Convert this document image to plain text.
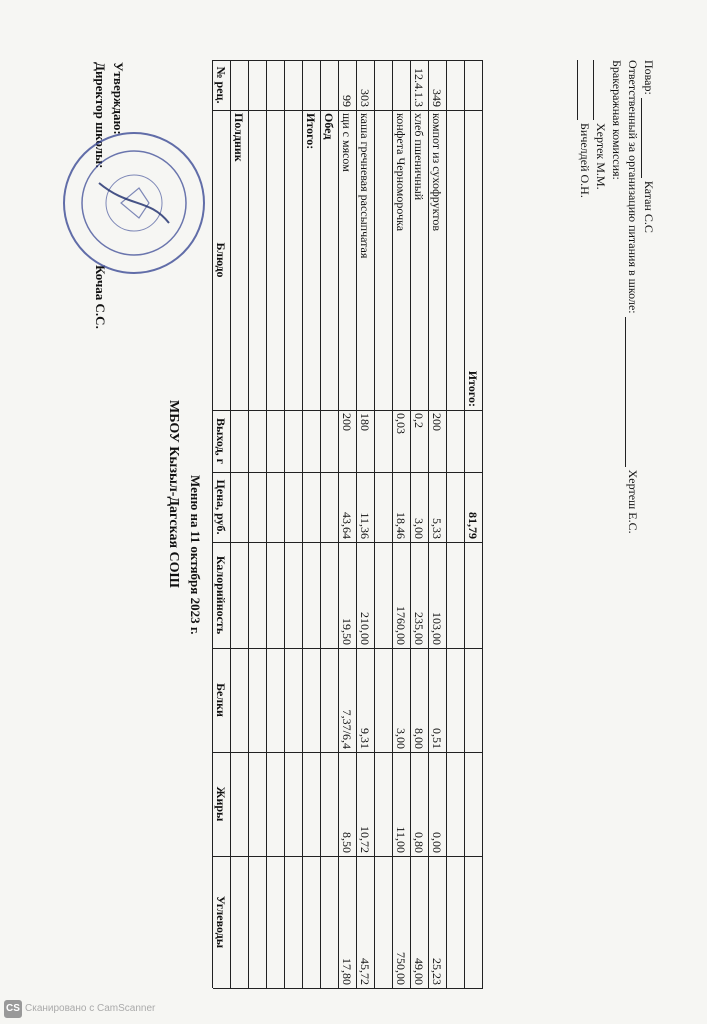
Утверждаю:
Директор школы:  Кочаа С.С.
МБОУ Кызыл-Дагская СОШ Меню на 11 октября 2023 г.
№ рец.
Блюдо
Выход, г
Цена, руб.
Калорийность
Белки
Жиры
Углеводы
Полдник	Итого: Обед
99
щи с мясом
200
43,64
19,50
7,37/6,4
8,50
17,80
303
каша гречневая рассыпчатая
180
11,36
210,00
9,31
10,72
45,72
конфета Черноморочка
0,03
18,46
1760,00
3,00
11,00
750,00
12.4.1.3
хлеб пшеничный
0,2
3,00
235,00
8,00
0,80
49,00
349
компот из сухофруктов
200
5,33
103,00
0,51
0,00
25,23
Итого:
81,79
Повар:  Катан С.С
Ответственный за организацию питания в школе:  Хертеш Е.С.
Бракеражная комиссия:
Хертек М.М.
Бичелдей О.Н.
CS Сканировано с CamScanner
